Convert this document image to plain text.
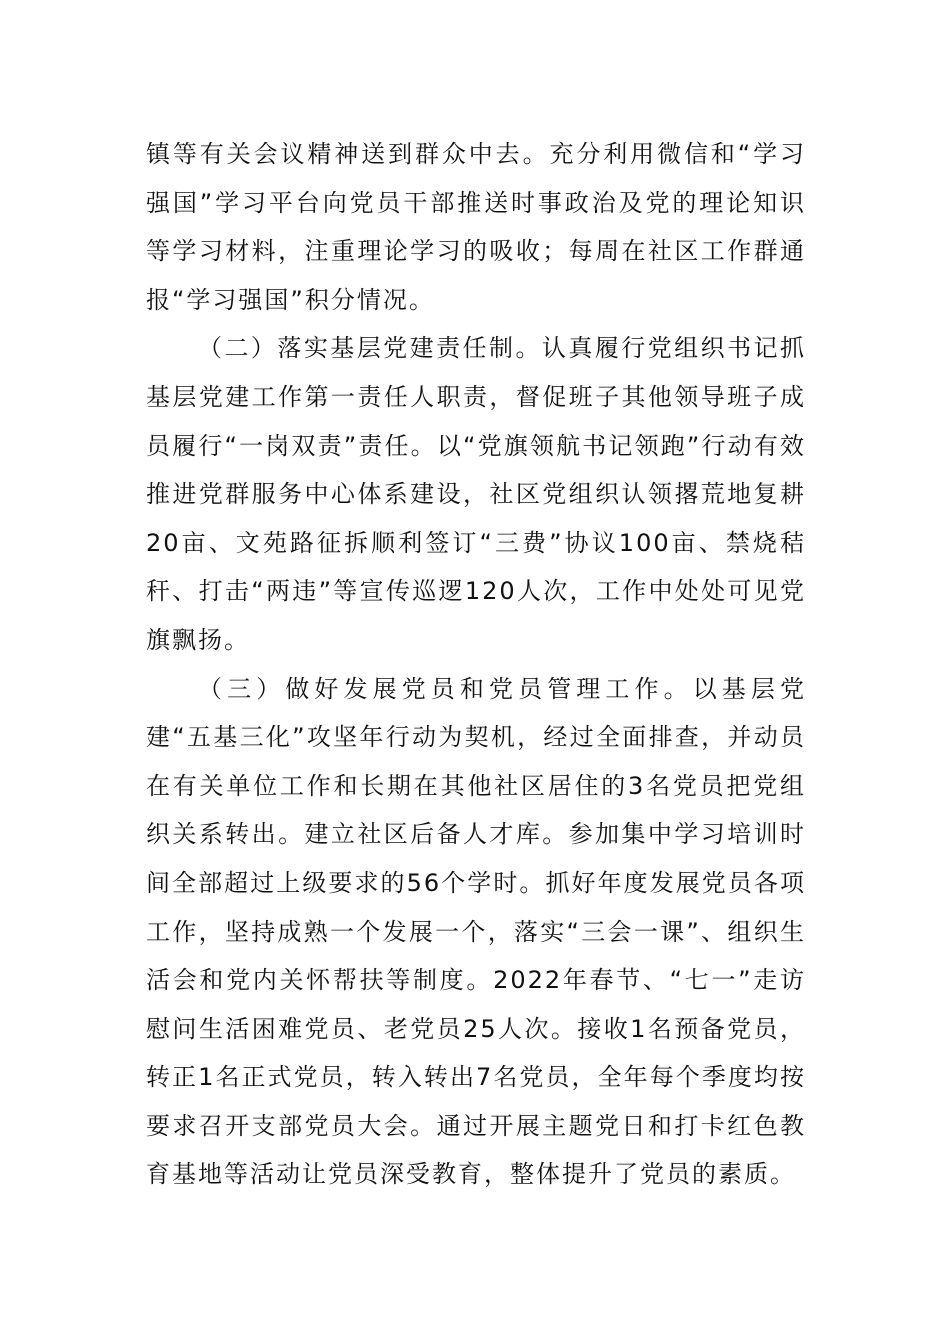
镇等有关会议精神送到群众中去。充分利用微信和“学习强国”学习平台向党员干部推送时事政治及党的理论知识等学习材料，注重理论学习的吸收；每周在社区工作群通报“学习强国”积分情况。

（二）落实基层党建责任制。认真履行党组织书记抓基层党建工作第一责任人职责，督促班子其他领导班子成员履行“一岗双责”责任。以“党旗领航书记领跑”行动有效推进党群服务中心体系建设，社区党组织认领撂荒地复耕20亩、文苑路征拆顺利签订“三费”协议100亩、禁烧秸秆、打击“两违”等宣传巡逻120人次，工作中处处可见党旗飘扬。

（三）做好发展党员和党员管理工作。以基层党建“五基三化”攻坚年行动为契机，经过全面排查，并动员在有关单位工作和长期在其他社区居住的3名党员把党组织关系转出。建立社区后备人才库。参加集中学习培训时间全部超过上级要求的56个学时。抓好年度发展党员各项工作，坚持成熟一个发展一个，落实“三会一课”、组织生活会和党内关怀帮扶等制度。2022年春节、“七一”走访慰问生活困难党员、老党员25人次。接收1名预备党员，转正1名正式党员，转入转出7名党员，全年每个季度均按要求召开支部党员大会。通过开展主题党日和打卡红色教育基地等活动让党员深受教育，整体提升了党员的素质。
